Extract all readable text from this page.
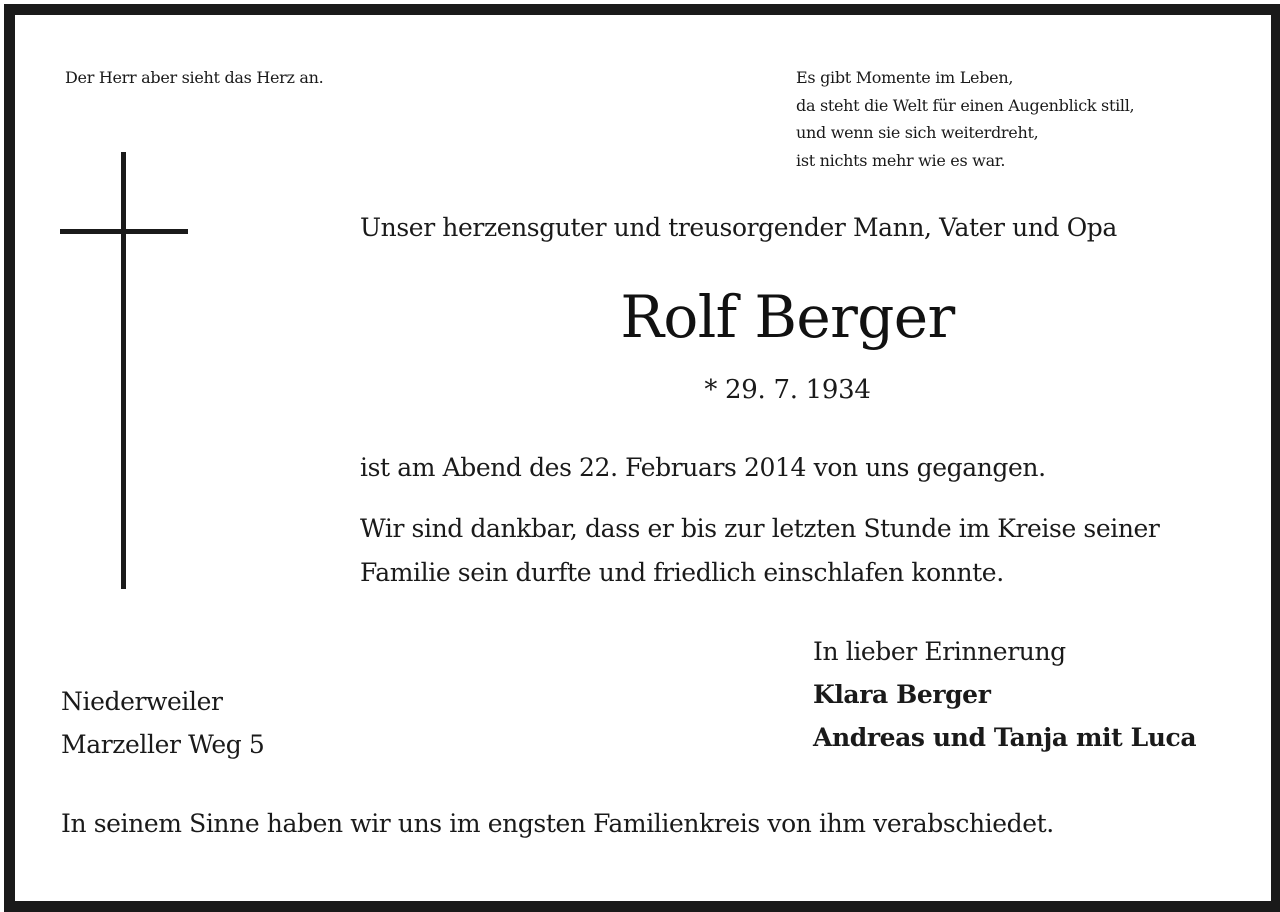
Der Herr aber sieht das Herz an.	Es gibt Momente im Leben,
da steht die Welt für einen Augenblick still,
und wenn sie sich weiterdreht,
ist nichts mehr wie es war.
Unser herzensguter und treusorgender Mann, Vater und Opa
Rolf Berger
* 29. 7. 1934
ist am Abend des 22. Februars 2014 von uns gegangen.
Wir sind dankbar, dass er bis zur letzten Stunde im Kreise seiner
Familie sein durfte und friedlich einschlafen konnte.
In lieber Erinnerung
Klara Berger
Andreas und Tanja mit Luca
Niederweiler
Marzeller Weg 5
In seinem Sinne haben wir uns im engsten Familienkreis von ihm verabschiedet.
